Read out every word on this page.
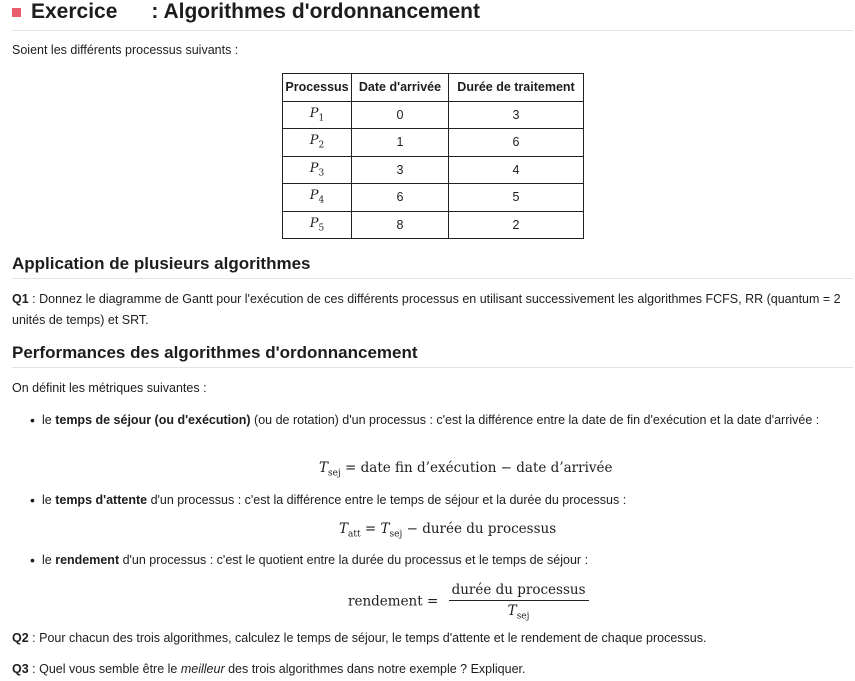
Exercice : Algorithmes d'ordonnancement
Soient les différents processus suivants :
Processus	Date d'arrivée	Durée de traitement
$P_1$	0	3
$P_2$	1	6
$P_3$	3	4
$P_4$	6	5
$P_5$	8	2
Application de plusieurs algorithmes
Q1 : Donnez le diagramme de Gantt pour l'exécution de ces différents processus en utilisant successivement les algorithmes FCFS, RR (quantum = 2 unités de temps) et SRT.
Performances des algorithmes d'ordonnancement
On définit les métriques suivantes :
• le temps de séjour (ou d'exécution) (ou de rotation) d'un processus : c'est la différence entre la date de fin d'exécution et la date d'arrivée :
$T_{sej}$ = date fin d’exécution − date d’arrivée
• le temps d'attente d'un processus : c'est la différence entre le temps de séjour et la durée du processus :
$T_{att} = T_{sej}$ − durée du processus
• le rendement d'un processus : c'est le quotient entre la durée du processus et le temps de séjour :
rendement = $\frac{\text{durée du processus}}{T_{sej}}$
Q2 : Pour chacun des trois algorithmes, calculez le temps de séjour, le temps d'attente et le rendement de chaque processus.
Q3 : Quel vous semble être le meilleur des trois algorithmes dans notre exemple ? Expliquer.
